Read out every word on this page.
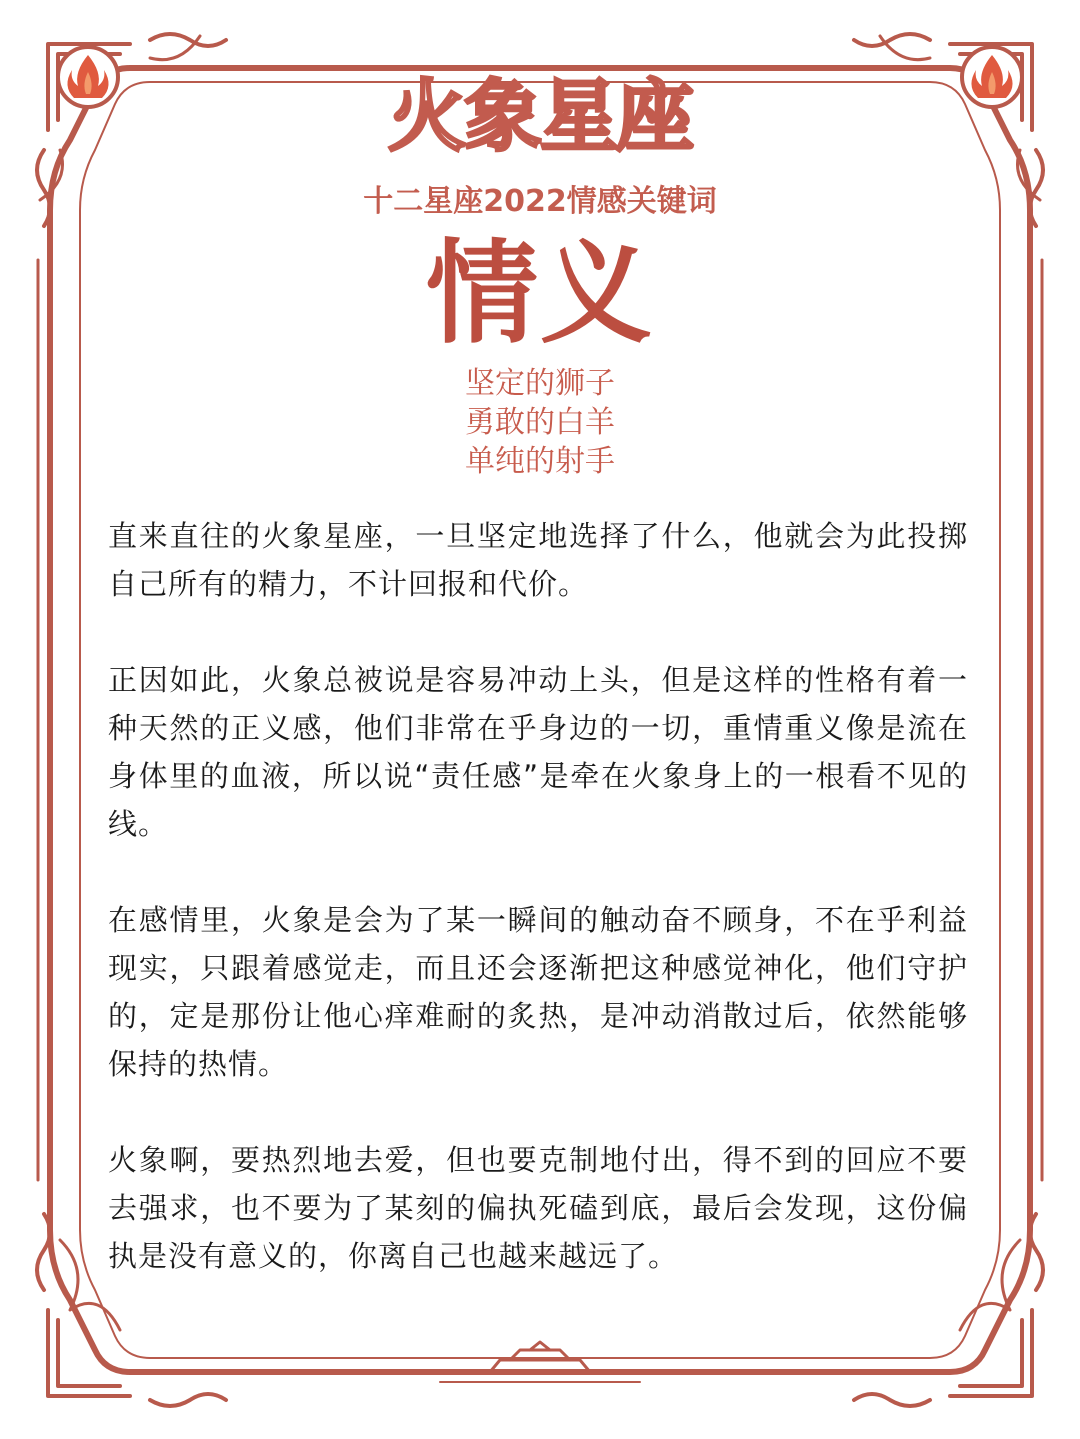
火象星座
十二星座2022情感关键词
情义
坚定的狮子
勇敢的白羊
单纯的射手

直来直往的火象星座，一旦坚定地选择了什么，他就会为此投掷自己所有的精力，不计回报和代价。

正因如此，火象总被说是容易冲动上头，但是这样的性格有着一种天然的正义感，他们非常在乎身边的一切，重情重义像是流在身体里的血液，所以说“责任感”是牵在火象身上的一根看不见的线。

在感情里，火象是会为了某一瞬间的触动奋不顾身，不在乎利益现实，只跟着感觉走，而且还会逐渐把这种感觉神化，他们守护的，定是那份让他心痒难耐的炙热，是冲动消散过后，依然能够保持的热情。

火象啊，要热烈地去爱，但也要克制地付出，得不到的回应不要去强求，也不要为了某刻的偏执死磕到底，最后会发现，这份偏执是没有意义的，你离自己也越来越远了。
